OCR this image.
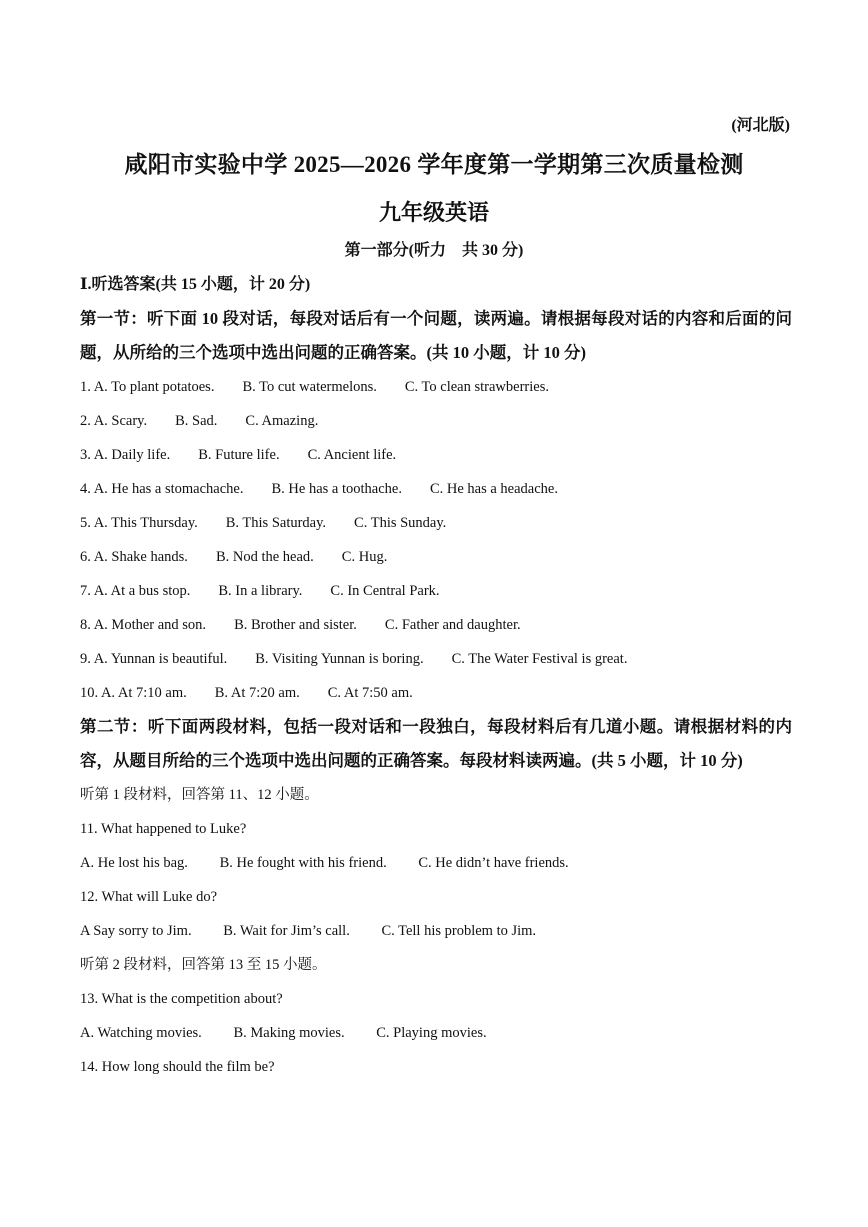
(河北版)
咸阳市实验中学 2025—2026 学年度第一学期第三次质量检测
九年级英语
第一部分(听力　共 30 分)
Ⅰ.听选答案(共 15 小题，计 20 分)
第一节：听下面 10 段对话，每段对话后有一个问题，读两遍。请根据每段对话的内容和后面的问题，从所给的三个选项中选出问题的正确答案。(共 10 小题，计 10 分)
1. A. To plant potatoes. B. To cut watermelons. C. To clean strawberries.
2. A. Scary. B. Sad. C. Amazing.
3. A. Daily life. B. Future life. C. Ancient life.
4. A. He has a stomachache. B. He has a toothache. C. He has a headache.
5. A. This Thursday. B. This Saturday. C. This Sunday.
6. A. Shake hands. B. Nod the head. C. Hug.
7. A. At a bus stop. B. In a library. C. In Central Park.
8. A. Mother and son. B. Brother and sister. C. Father and daughter.
9. A. Yunnan is beautiful. B. Visiting Yunnan is boring. C. The Water Festival is great.
10. A. At 7:10 am. B. At 7:20 am. C. At 7:50 am.
第二节：听下面两段材料，包括一段对话和一段独白，每段材料后有几道小题。请根据材料的内容，从题目所给的三个选项中选出问题的正确答案。每段材料读两遍。(共 5 小题，计 10 分)
听第 1 段材料，回答第 11、12 小题。
11. What happened to Luke?
A. He lost his bag. B. He fought with his friend. C. He didn’t have friends.
12. What will Luke do?
A Say sorry to Jim. B. Wait for Jim’s call. C. Tell his problem to Jim.
听第 2 段材料，回答第 13 至 15 小题。
13. What is the competition about?
A. Watching movies. B. Making movies. C. Playing movies.
14. How long should the film be?
